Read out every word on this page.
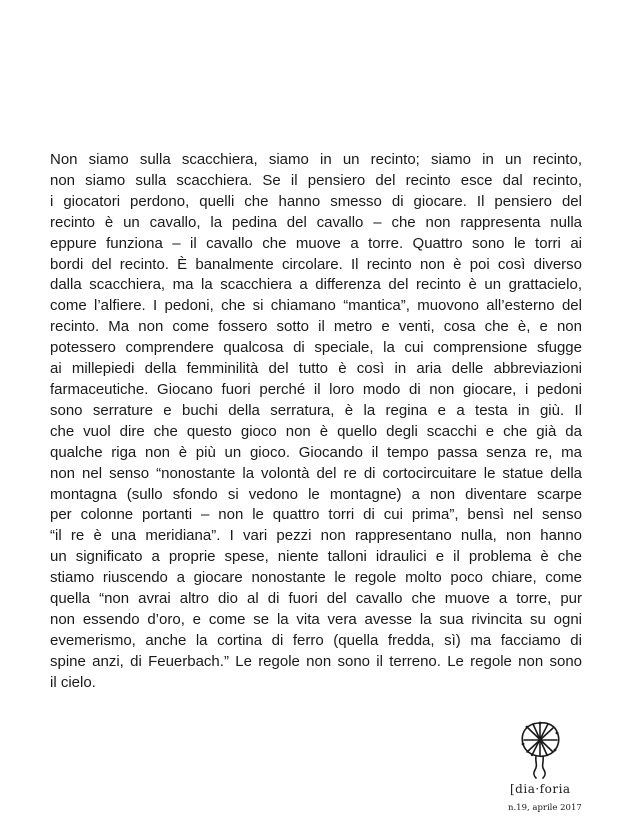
Non siamo sulla scacchiera, siamo in un recinto; siamo in un recinto,
non siamo sulla scacchiera. Se il pensiero del recinto esce dal recinto,
i giocatori perdono, quelli che hanno smesso di giocare. Il pensiero del
recinto è un cavallo, la pedina del cavallo – che non rappresenta nulla
eppure funziona – il cavallo che muove a torre. Quattro sono le torri ai
bordi del recinto. È banalmente circolare. Il recinto non è poi così diverso
dalla scacchiera, ma la scacchiera a differenza del recinto è un grattacielo,
come l’alfiere. I pedoni, che si chiamano “mantica”, muovono all’esterno del
recinto. Ma non come fossero sotto il metro e venti, cosa che è, e non
potessero comprendere qualcosa di speciale, la cui comprensione sfugge
ai millepiedi della femminilità del tutto è così in aria delle abbreviazioni
farmaceutiche. Giocano fuori perché il loro modo di non giocare, i pedoni
sono serrature e buchi della serratura, è la regina e a testa in giù. Il
che vuol dire che questo gioco non è quello degli scacchi e che già da
qualche riga non è più un gioco. Giocando il tempo passa senza re, ma
non nel senso “nonostante la volontà del re di cortocircuitare le statue della
montagna (sullo sfondo si vedono le montagne) a non diventare scarpe
per colonne portanti – non le quattro torri di cui prima”, bensì nel senso
“il re è una meridiana”. I vari pezzi non rappresentano nulla, non hanno
un significato a proprie spese, niente talloni idraulici e il problema è che
stiamo riuscendo a giocare nonostante le regole molto poco chiare, come
quella “non avrai altro dio al di fuori del cavallo che muove a torre, pur
non essendo d’oro, e come se la vita vera avesse la sua rivincita su ogni
evemerismo, anche la cortina di ferro (quella fredda, sì) ma facciamo di
spine anzi, di Feuerbach.” Le regole non sono il terreno. Le regole non sono
il cielo.
[dia·foria
n.19, aprile 2017
